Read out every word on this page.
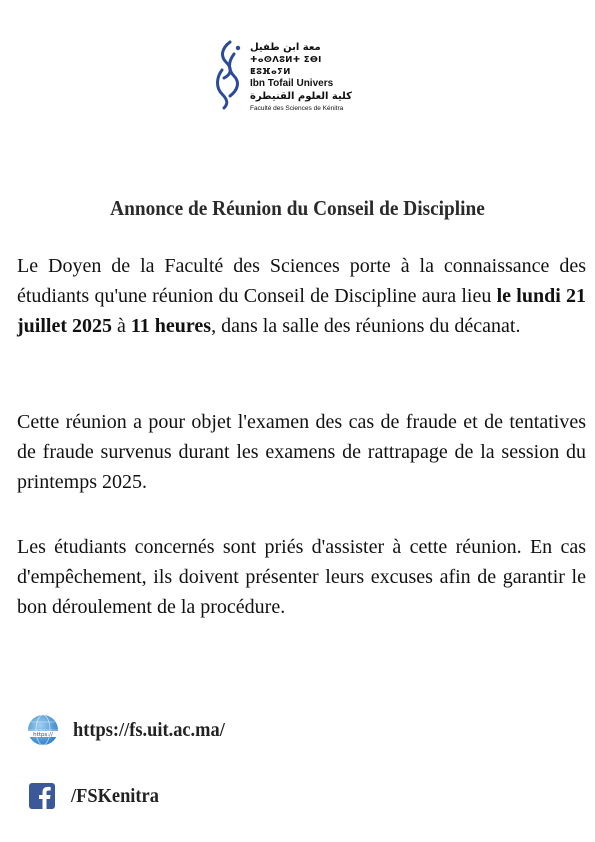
معة ابن طفيل
ⵜⴰⵙⴷⵓⵍⵜ ⵉⴱⵏ ⵟⵓⴼⴰⵢⵍ
Ibn Tofail Univers
كلية العلوم القنيطرة
Faculté des Sciences de Kénitra
Annonce de Réunion du Conseil de Discipline

Le Doyen de la Faculté des Sciences porte à la connaissance des étudiants qu'une réunion du Conseil de Discipline aura lieu le lundi 21 juillet 2025 à 11 heures, dans la salle des réunions du décanat.

Cette réunion a pour objet l'examen des cas de fraude et de tentatives de fraude survenus durant les examens de rattrapage de la session du printemps 2025.

Les étudiants concernés sont priés d'assister à cette réunion. En cas d'empêchement, ils doivent présenter leurs excuses afin de garantir le bon déroulement de la procédure.

https:// https://fs.uit.ac.ma/
/FSKenitra
